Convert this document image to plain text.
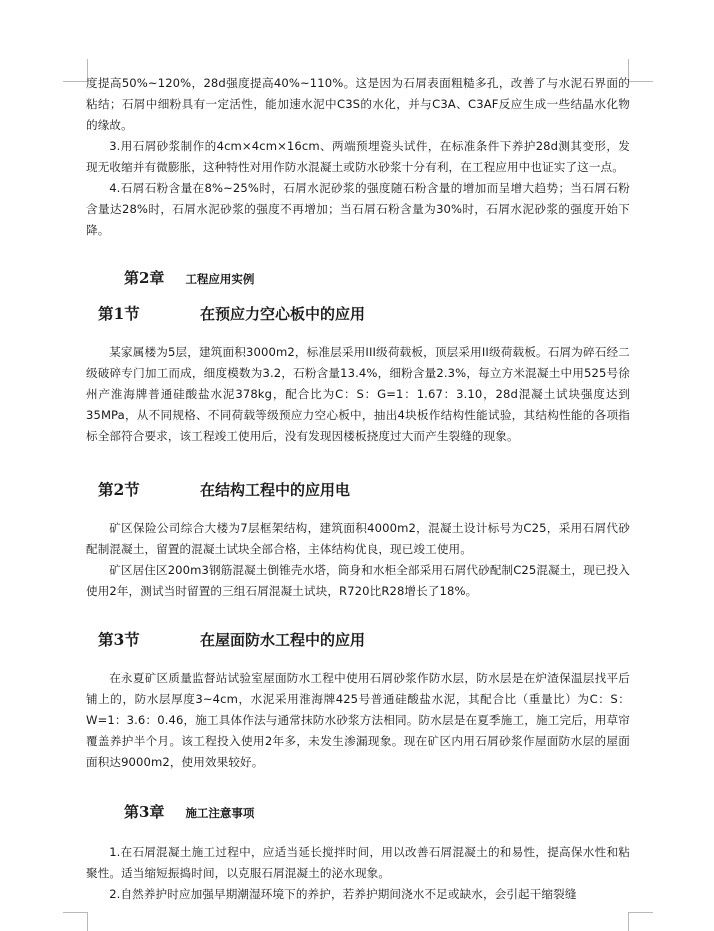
度提高50%~120%，28d强度提高40%~110%。这是因为石屑表面粗糙多孔，改善了与水泥石界面的粘结；石屑中细粉具有一定活性，能加速水泥中C3S的水化，并与C3A、C3AF反应生成一些结晶水化物的缘故。

3.用石屑砂浆制作的4cm×4cm×16cm、两端预埋瓷头试件，在标准条件下养护28d测其变形，发现无收缩并有微膨胀，这种特性对用作防水混凝土或防水砂浆十分有利，在工程应用中也证实了这一点。

4.石屑石粉含量在8%~25%时，石屑水泥砂浆的强度随石粉含量的增加而呈增大趋势；当石屑石粉含量达28%时，石屑水泥砂浆的强度不再增加；当石屑石粉含量为30%时，石屑水泥砂浆的强度开始下降。

第2章 工程应用实例
第1节	在预应力空心板中的应用

某家属楼为5层，建筑面积3000m2，标准层采用III级荷载板，顶层采用II级荷载板。石屑为碎石经二级破碎专门加工而成，细度模数为3.2，石粉含量13.4%，细粉含量2.3%，每立方米混凝土中用525号徐州产淮海牌普通硅酸盐水泥378kg，配合比为C：S：G=1：1.67：3.10，28d混凝土试块强度达到35MPa，从不同规格、不同荷载等级预应力空心板中，抽出4块板作结构性能试验，其结构性能的各项指标全部符合要求，该工程竣工使用后，没有发现因楼板挠度过大而产生裂缝的现象。

第2节	在结构工程中的应用电

矿区保险公司综合大楼为7层框架结构，建筑面积4000m2，混凝土设计标号为C25，采用石屑代砂配制混凝土，留置的混凝土试块全部合格，主体结构优良，现已竣工使用。

矿区居住区200m3钢筋混凝土倒锥壳水塔，筒身和水柜全部采用石屑代砂配制C25混凝土，现已投入使用2年，测试当时留置的三组石屑混凝土试块，R720比R28增长了18%。

第3节	在屋面防水工程中的应用

在永夏矿区质量监督站试验室屋面防水工程中使用石屑砂浆作防水层，防水层是在炉渣保温层找平后铺上的，防水层厚度3~4cm，水泥采用淮海牌425号普通硅酸盐水泥，其配合比（重量比）为C：S：W=1：3.6：0.46，施工具体作法与通常抹防水砂浆方法相同。防水层是在夏季施工，施工完后，用草帘覆盖养护半个月。该工程投入使用2年多，未发生渗漏现象。现在矿区内用石屑砂浆作屋面防水层的屋面面积达9000m2，使用效果较好。

第3章 施工注意事项

1.在石屑混凝土施工过程中，应适当延长搅拌时间，用以改善石屑混凝土的和易性，提高保水性和粘聚性。适当缩短振捣时间，以克服石屑混凝土的泌水现象。

2.自然养护时应加强早期潮湿环境下的养护，若养护期间浇水不足或缺水，会引起干缩裂缝
